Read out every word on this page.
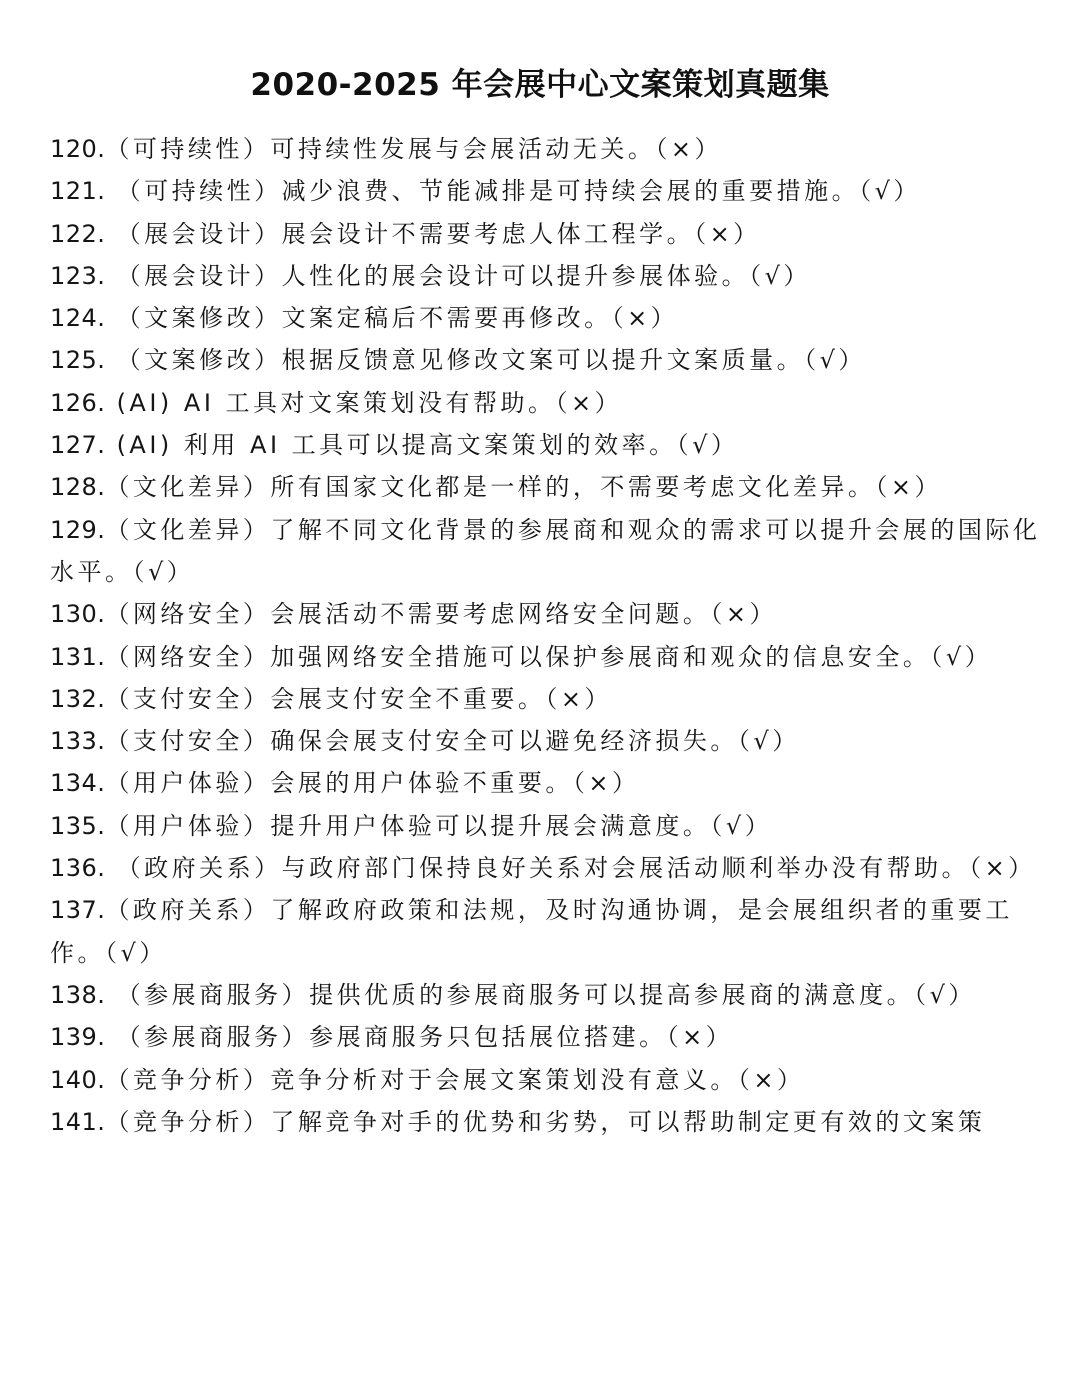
2020-2025 年会展中心文案策划真题集

120.（可持续性）可持续性发展与会展活动无关。（×）

121. （可持续性）减少浪费、节能减排是可持续会展的重要措施。（√）

122. （展会设计）展会设计不需要考虑人体工程学。（×）

123. （展会设计）人性化的展会设计可以提升参展体验。（√）

124. （文案修改）文案定稿后不需要再修改。（×）

125. （文案修改）根据反馈意见修改文案可以提升文案质量。（√）

126. (AI) AI 工具对文案策划没有帮助。（×）

127. (AI) 利用 AI 工具可以提高文案策划的效率。（√）

128.（文化差异）所有国家文化都是一样的，不需要考虑文化差异。（×）

129.（文化差异）了解不同文化背景的参展商和观众的需求可以提升会展的国际化水平。（√）

130.（网络安全）会展活动不需要考虑网络安全问题。（×）

131.（网络安全）加强网络安全措施可以保护参展商和观众的信息安全。（√）

132.（支付安全）会展支付安全不重要。（×）

133.（支付安全）确保会展支付安全可以避免经济损失。（√）

134.（用户体验）会展的用户体验不重要。（×）

135.（用户体验）提升用户体验可以提升展会满意度。（√）

136. （政府关系）与政府部门保持良好关系对会展活动顺利举办没有帮助。（×）

137.（政府关系）了解政府政策和法规，及时沟通协调，是会展组织者的重要工作。（√）

138. （参展商服务）提供优质的参展商服务可以提高参展商的满意度。（√）

139. （参展商服务）参展商服务只包括展位搭建。（×）

140.（竞争分析）竞争分析对于会展文案策划没有意义。（×）

141.（竞争分析）了解竞争对手的优势和劣势，可以帮助制定更有效的文案策
